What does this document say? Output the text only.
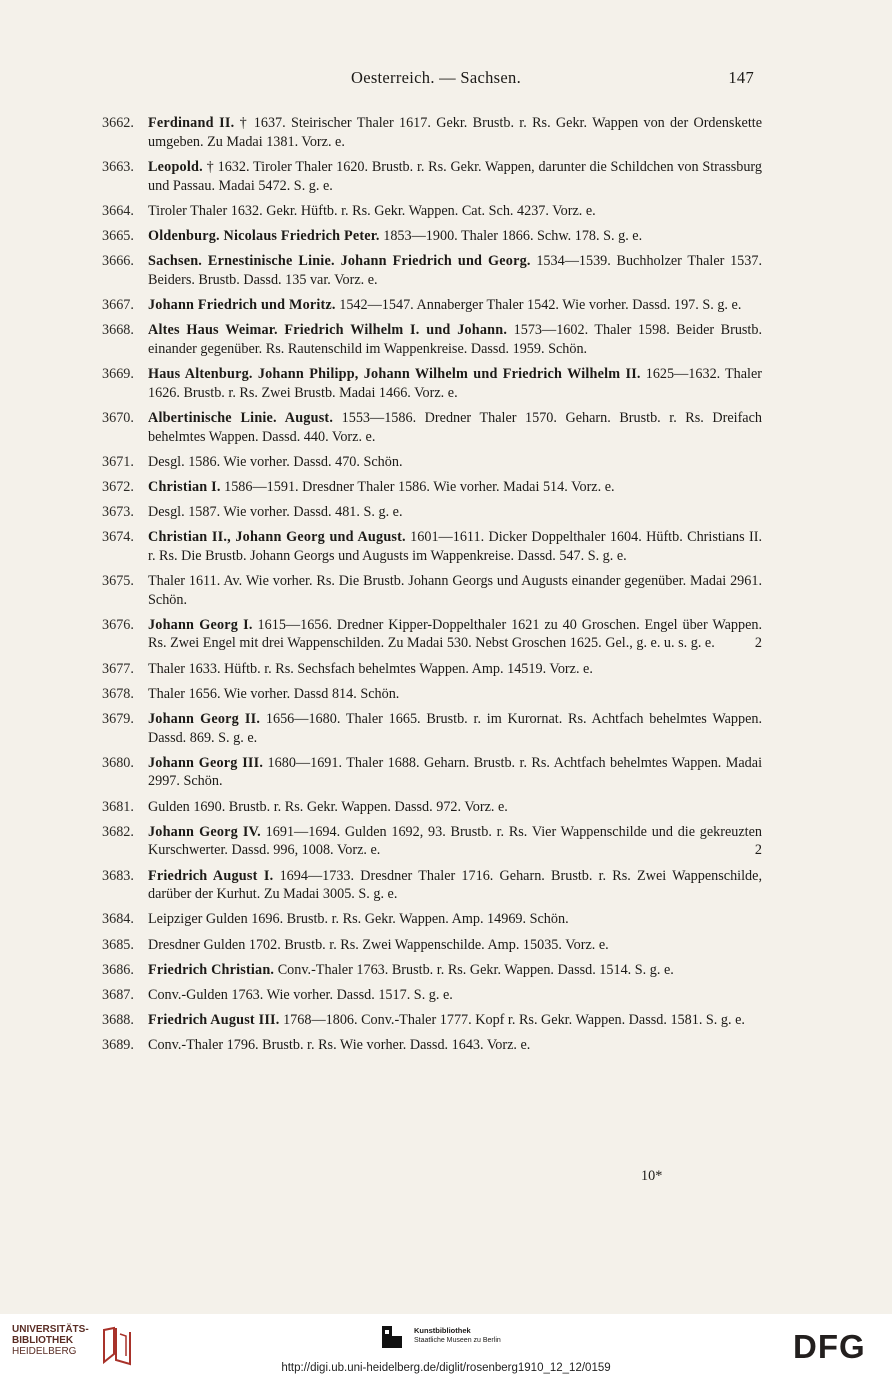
Oesterreich. — Sachsen.	147
3662. Ferdinand II. † 1637. Steirischer Thaler 1617. Gekr. Brustb. r. Rs. Gekr. Wappen von der Ordenskette umgeben. Zu Madai 1381. Vorz. e.
3663. Leopold. † 1632. Tiroler Thaler 1620. Brustb. r. Rs. Gekr. Wappen, darunter die Schildchen von Strassburg und Passau. Madai 5472. S. g. e.
3664. Tiroler Thaler 1632. Gekr. Hüftb. r. Rs. Gekr. Wappen. Cat. Sch. 4237. Vorz. e.
3665. Oldenburg. Nicolaus Friedrich Peter. 1853—1900. Thaler 1866. Schw. 178. S. g. e.
3666. Sachsen. Ernestinische Linie. Johann Friedrich und Georg. 1534—1539. Buchholzer Thaler 1537. Beiders. Brustb. Dassd. 135 var. Vorz. e.
3667. Johann Friedrich und Moritz. 1542—1547. Annaberger Thaler 1542. Wie vorher. Dassd. 197. S. g. e.
3668. Altes Haus Weimar. Friedrich Wilhelm I. und Johann. 1573—1602. Thaler 1598. Beider Brustb. einander gegenüber. Rs. Rautenschild im Wappenkreise. Dassd. 1959. Schön.
3669. Haus Altenburg. Johann Philipp, Johann Wilhelm und Friedrich Wilhelm II. 1625—1632. Thaler 1626. Brustb. r. Rs. Zwei Brustb. Madai 1466. Vorz. e.
3670. Albertinische Linie. August. 1553—1586. Dredner Thaler 1570. Geharn. Brustb. r. Rs. Dreifach behelmtes Wappen. Dassd. 440. Vorz. e.
3671. Desgl. 1586. Wie vorher. Dassd. 470. Schön.
3672. Christian I. 1586—1591. Dresdner Thaler 1586. Wie vorher. Madai 514. Vorz. e.
3673. Desgl. 1587. Wie vorher. Dassd. 481. S. g. e.
3674. Christian II., Johann Georg und August. 1601—1611. Dicker Doppelthaler 1604. Hüftb. Christians II. r. Rs. Die Brustb. Johann Georgs und Augusts im Wappenkreise. Dassd. 547. S. g. e.
3675. Thaler 1611. Av. Wie vorher. Rs. Die Brustb. Johann Georgs und Augusts einander gegenüber. Madai 2961. Schön.
3676. Johann Georg I. 1615—1656. Dredner Kipper-Doppelthaler 1621 zu 40 Groschen. Engel über Wappen. Rs. Zwei Engel mit drei Wappenschilden. Zu Madai 530. Nebst Groschen 1625. Gel., g. e. u. s. g. e.	2
3677. Thaler 1633. Hüftb. r. Rs. Sechsfach behelmtes Wappen. Amp. 14519. Vorz. e.
3678. Thaler 1656. Wie vorher. Dassd 814. Schön.
3679. Johann Georg II. 1656—1680. Thaler 1665. Brustb. r. im Kurornat. Rs. Achtfach behelmtes Wappen. Dassd. 869. S. g. e.
3680. Johann Georg III. 1680—1691. Thaler 1688. Geharn. Brustb. r. Rs. Achtfach behelmtes Wappen. Madai 2997. Schön.
3681. Gulden 1690. Brustb. r. Rs. Gekr. Wappen. Dassd. 972. Vorz. e.
3682. Johann Georg IV. 1691—1694. Gulden 1692, 93. Brustb. r. Rs. Vier Wappenschilde und die gekreuzten Kurschwerter. Dassd. 996, 1008. Vorz. e.	2
3683. Friedrich August I. 1694—1733. Dresdner Thaler 1716. Geharn. Brustb. r. Rs. Zwei Wappenschilde, darüber der Kurhut. Zu Madai 3005. S. g. e.
3684. Leipziger Gulden 1696. Brustb. r. Rs. Gekr. Wappen. Amp. 14969. Schön.
3685. Dresdner Gulden 1702. Brustb. r. Rs. Zwei Wappenschilde. Amp. 15035. Vorz. e.
3686. Friedrich Christian. Conv.-Thaler 1763. Brustb. r. Rs. Gekr. Wappen. Dassd. 1514. S. g. e.
3687. Conv.-Gulden 1763. Wie vorher. Dassd. 1517. S. g. e.
3688. Friedrich August III. 1768—1806. Conv.-Thaler 1777. Kopf r. Rs. Gekr. Wappen. Dassd. 1581. S. g. e.
3689. Conv.-Thaler 1796. Brustb. r. Rs. Wie vorher. Dassd. 1643. Vorz. e.
10*
UNIVERSITÄTS-
BIBLIOTHEK
HEIDELBERG
Kunstbibliothek
Staatliche Museen zu Berlin	DFG
http://digi.ub.uni-heidelberg.de/diglit/rosenberg1910_12_12/0159
